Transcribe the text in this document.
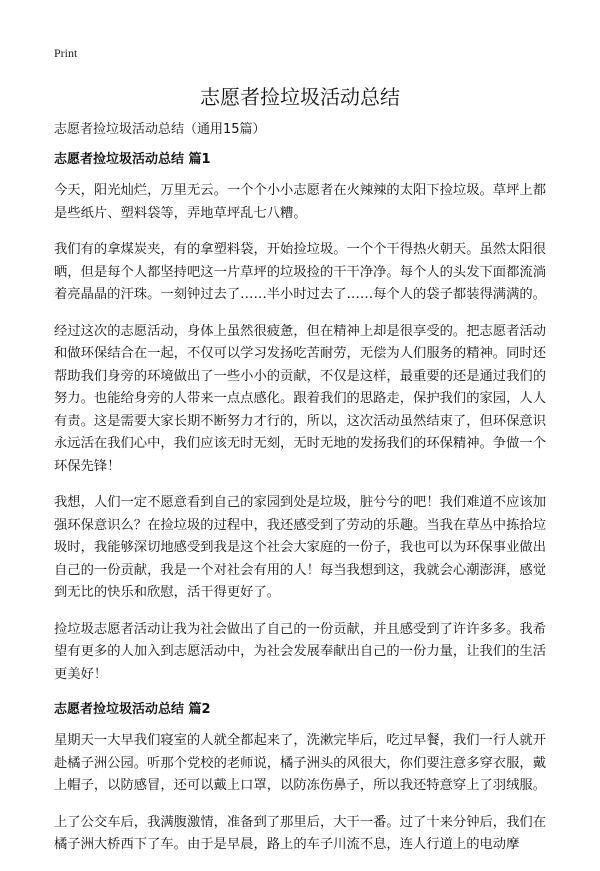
Print
志愿者捡垃圾活动总结

志愿者捡垃圾活动总结（通用15篇）

志愿者捡垃圾活动总结 篇1

今天，阳光灿烂，万里无云。一个个小小志愿者在火辣辣的太阳下捡垃圾。草坪上都是些纸片、塑料袋等，弄地草坪乱七八糟。

我们有的拿煤炭夹，有的拿塑料袋，开始捡垃圾。一个个干得热火朝天。虽然太阳很晒，但是每个人都坚持吧这一片草坪的垃圾捡的干干净净。每个人的头发下面都流淌着亮晶晶的汗珠。一刻钟过去了……半小时过去了……每个人的袋子都装得满满的。

经过这次的志愿活动，身体上虽然很疲惫，但在精神上却是很享受的。把志愿者活动和做环保结合在一起，不仅可以学习发扬吃苦耐劳，无偿为人们服务的精神。同时还帮助我们身旁的环境做出了一些小小的贡献，不仅是这样，最重要的还是通过我们的努力。也能给身旁的人带来一点点感化。跟着我们的思路走，保护我们的家园，人人有责。这是需要大家长期不断努力才行的，所以，这次活动虽然结束了，但环保意识永远活在我们心中，我们应该无时无刻，无时无地的发扬我们的环保精神。争做一个环保先锋！

我想，人们一定不愿意看到自己的家园到处是垃圾，脏兮兮的吧！我们难道不应该加强环保意识么？在捡垃圾的过程中，我还感受到了劳动的乐趣。当我在草丛中拣拾垃圾时，我能够深切地感受到我是这个社会大家庭的一份子，我也可以为环保事业做出自己的一份贡献，我是一个对社会有用的人！每当我想到这，我就会心潮澎湃，感觉到无比的快乐和欣慰，活干得更好了。

捡垃圾志愿者活动让我为社会做出了自己的一份贡献，并且感受到了许许多多。我希望有更多的人加入到志愿活动中，为社会发展奉献出自己的一份力量，让我们的生活更美好！

志愿者捡垃圾活动总结 篇2

星期天一大早我们寝室的人就全都起来了，洗漱完毕后，吃过早餐，我们一行人就开赴橘子洲公园。听那个党校的老师说，橘子洲头的风很大，你们要注意多穿衣服，戴上帽子，以防感冒，还可以戴上口罩，以防冻伤鼻子，所以我还特意穿上了羽绒服。

上了公交车后，我满腹激情，准备到了那里后，大干一番。过了十来分钟后，我们在橘子洲大桥西下了车。由于是早晨，路上的车子川流不息，连人行道上的电动摩
